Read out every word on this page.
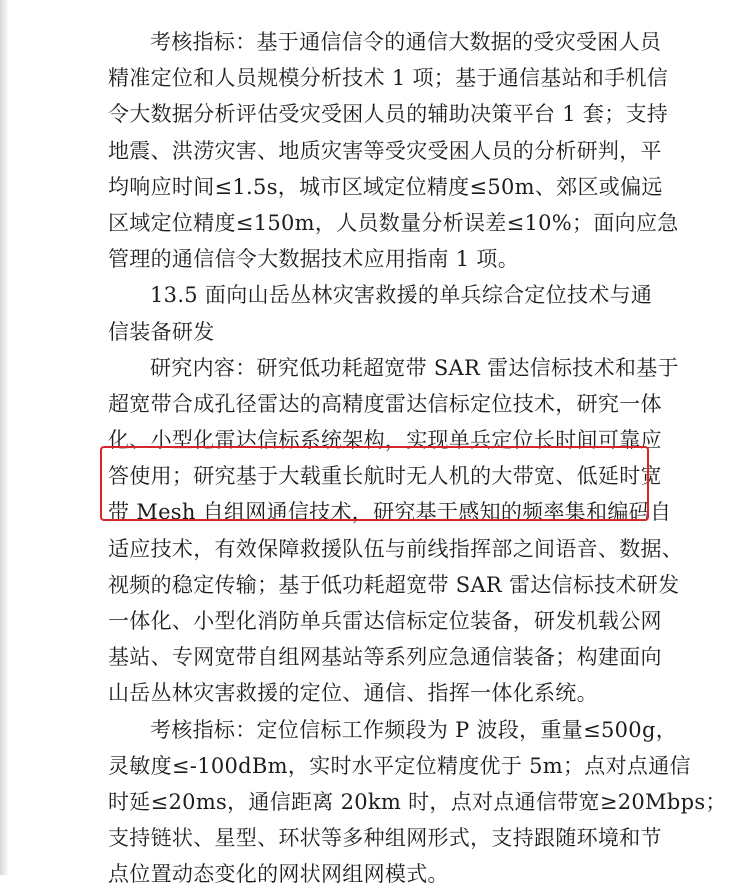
考核指标：基于通信信令的通信大数据的受灾受困人员
精准定位和人员规模分析技术 1 项；基于通信基站和手机信
令大数据分析评估受灾受困人员的辅助决策平台 1 套；支持
地震、洪涝灾害、地质灾害等受灾受困人员的分析研判，平
均响应时间≤1.5s，城市区域定位精度≤50m、郊区或偏远
区域定位精度≤150m，人员数量分析误差≤10%；面向应急
管理的通信信令大数据技术应用指南 1 项。
13.5 面向山岳丛林灾害救援的单兵综合定位技术与通
信装备研发
研究内容：研究低功耗超宽带 SAR 雷达信标技术和基于
超宽带合成孔径雷达的高精度雷达信标定位技术，研究一体
化、小型化雷达信标系统架构，实现单兵定位长时间可靠应
答使用；研究基于大载重长航时无人机的大带宽、低延时宽
带 Mesh 自组网通信技术，研究基于感知的频率集和编码自
适应技术，有效保障救援队伍与前线指挥部之间语音、数据、
视频的稳定传输；基于低功耗超宽带 SAR 雷达信标技术研发
一体化、小型化消防单兵雷达信标定位装备，研发机载公网
基站、专网宽带自组网基站等系列应急通信装备；构建面向
山岳丛林灾害救援的定位、通信、指挥一体化系统。
考核指标：定位信标工作频段为 P 波段，重量≤500g，
灵敏度≤-100dBm，实时水平定位精度优于 5m；点对点通信
时延≤20ms，通信距离 20km 时，点对点通信带宽≥20Mbps；
支持链状、星型、环状等多种组网形式，支持跟随环境和节
点位置动态变化的网状网组网模式。
